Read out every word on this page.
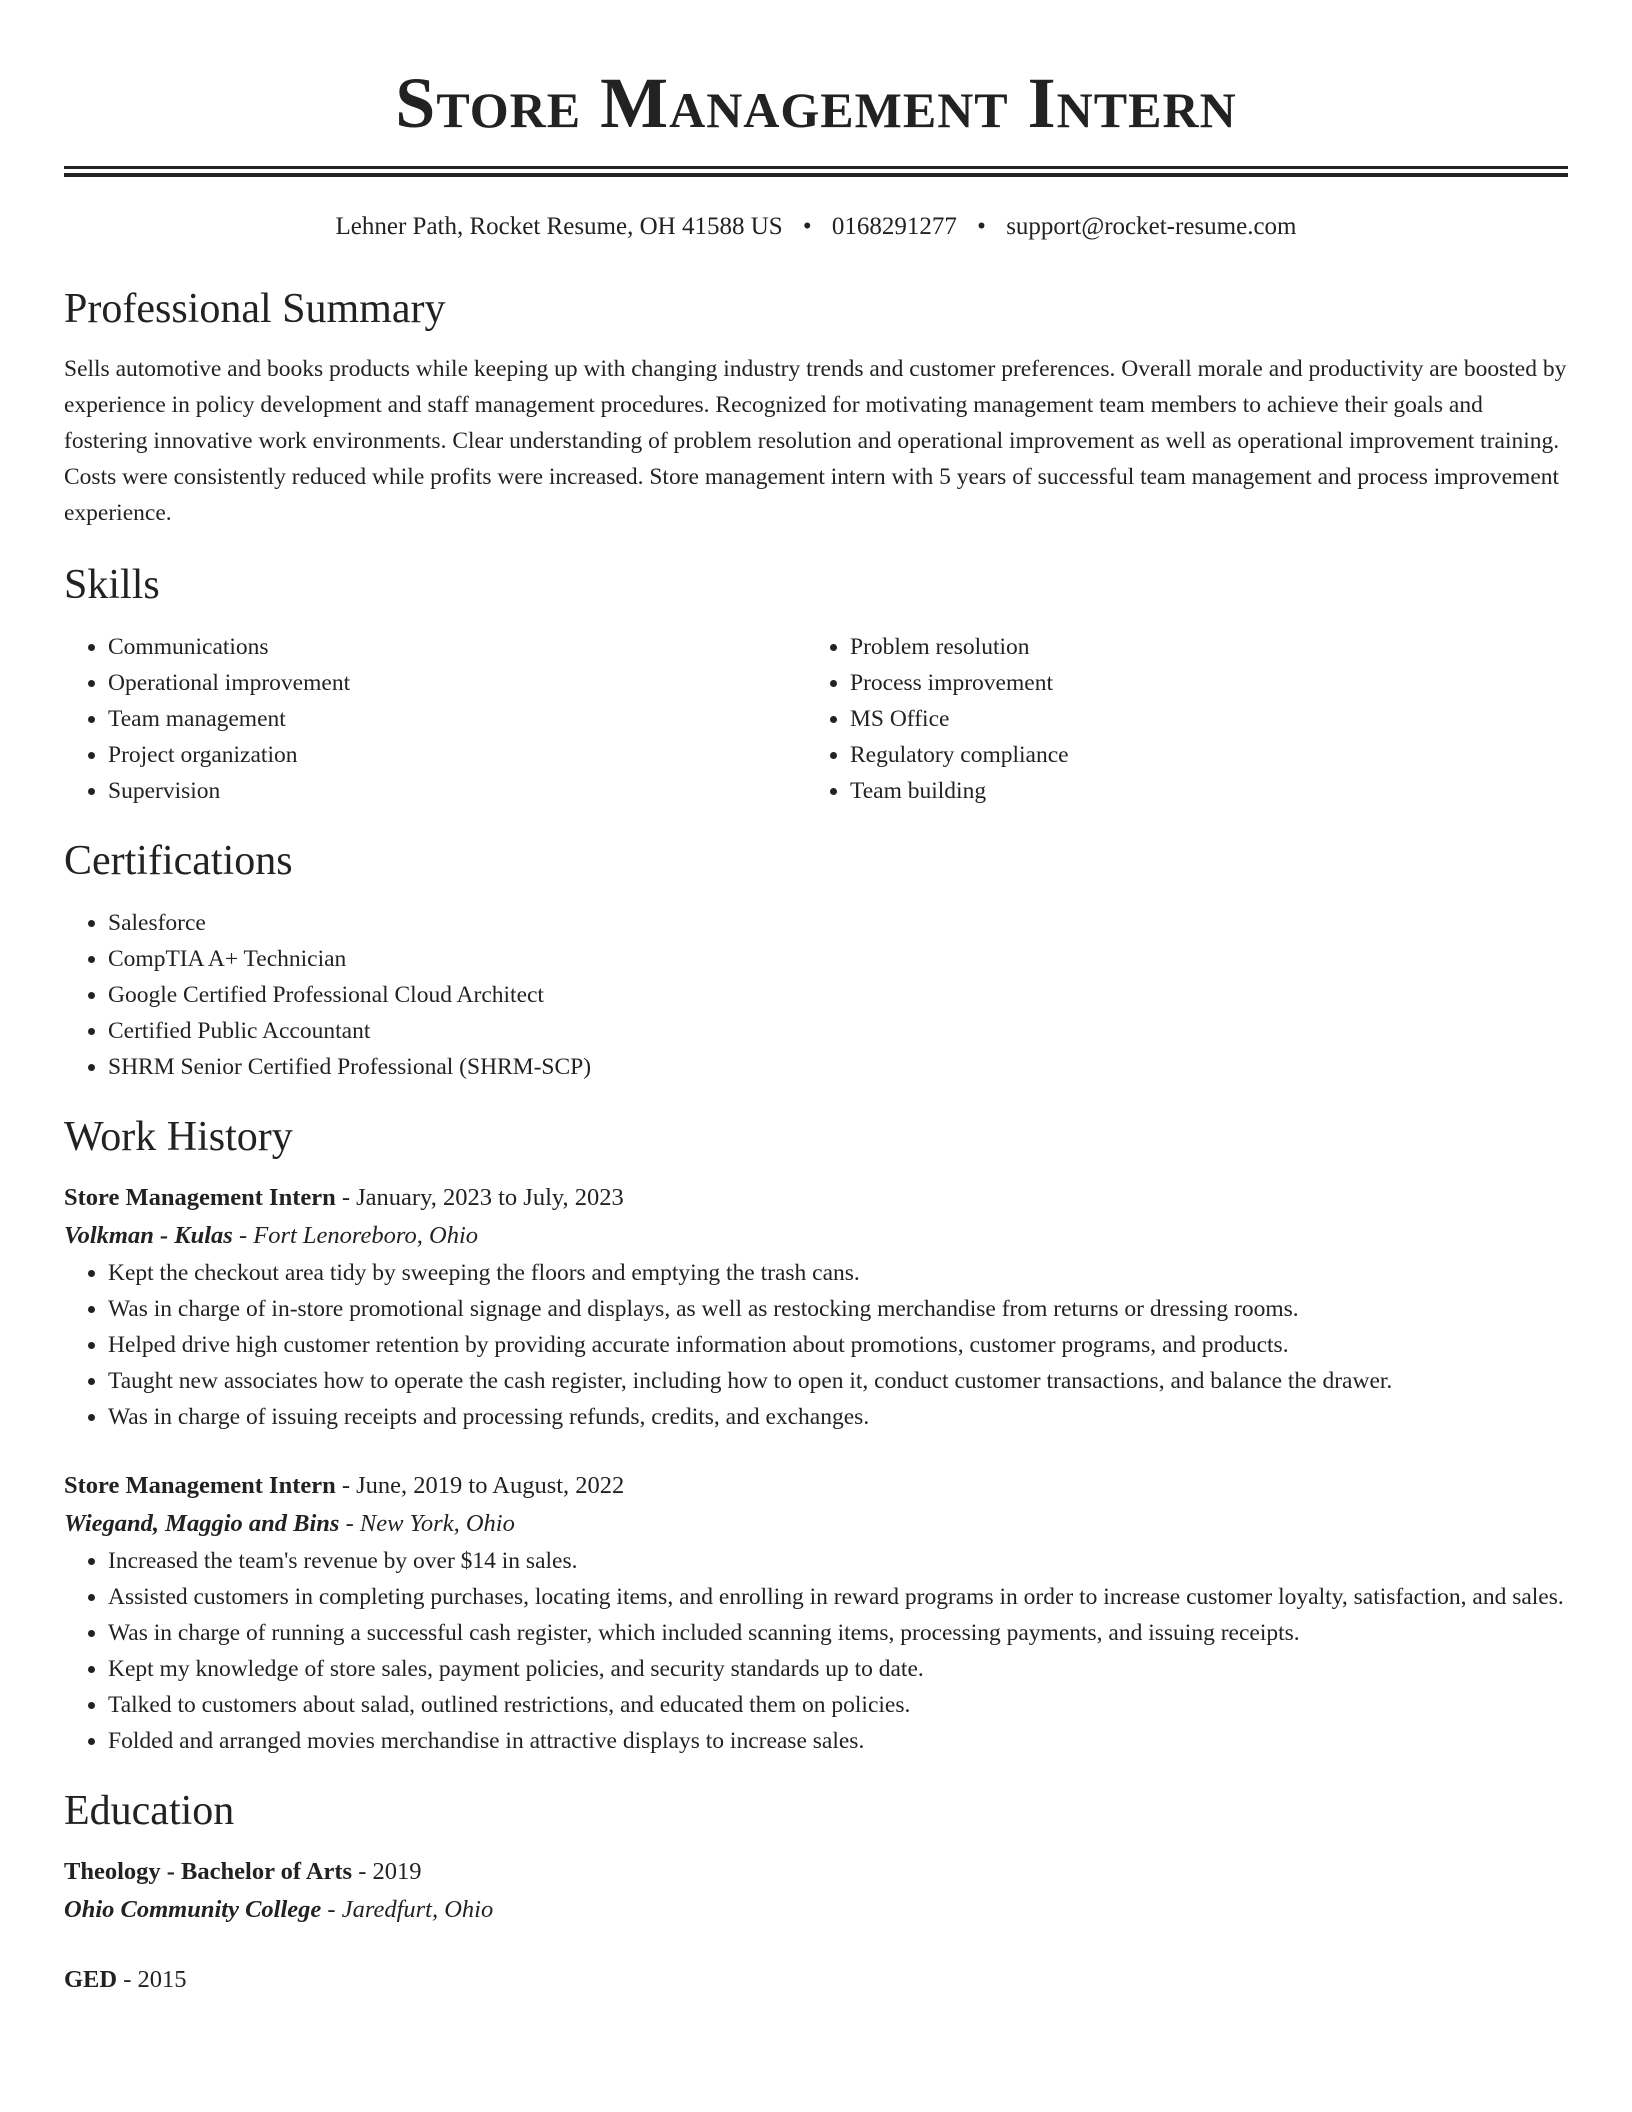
Store Management Intern
Lehner Path, Rocket Resume, OH 41588 US • 0168291277 • support@rocket-resume.com
Professional Summary

Sells automotive and books products while keeping up with changing industry trends and customer preferences. Overall morale and productivity are boosted by experience in policy development and staff management procedures. Recognized for motivating management team members to achieve their goals and fostering innovative work environments. Clear understanding of problem resolution and operational improvement as well as operational improvement training. Costs were consistently reduced while profits were increased. Store management intern with 5 years of successful team management and process improvement experience.

Skills
• Communications
• Operational improvement
• Team management
• Project organization
• Supervision
• Problem resolution
• Process improvement
• MS Office
• Regulatory compliance
• Team building
Certifications
• Salesforce
• CompTIA A+ Technician
• Google Certified Professional Cloud Architect
• Certified Public Accountant
• SHRM Senior Certified Professional (SHRM-SCP)
Work History
Store Management Intern - January, 2023 to July, 2023
Volkman - Kulas - Fort Lenoreboro, Ohio
• Kept the checkout area tidy by sweeping the floors and emptying the trash cans.
• Was in charge of in-store promotional signage and displays, as well as restocking merchandise from returns or dressing rooms.
• Helped drive high customer retention by providing accurate information about promotions, customer programs, and products.
• Taught new associates how to operate the cash register, including how to open it, conduct customer transactions, and balance the drawer.
• Was in charge of issuing receipts and processing refunds, credits, and exchanges.
Store Management Intern - June, 2019 to August, 2022
Wiegand, Maggio and Bins - New York, Ohio
• Increased the team's revenue by over $14 in sales.
• Assisted customers in completing purchases, locating items, and enrolling in reward programs in order to increase customer loyalty, satisfaction, and sales.
• Was in charge of running a successful cash register, which included scanning items, processing payments, and issuing receipts.
• Kept my knowledge of store sales, payment policies, and security standards up to date.
• Talked to customers about salad, outlined restrictions, and educated them on policies.
• Folded and arranged movies merchandise in attractive displays to increase sales.
Education
Theology - Bachelor of Arts - 2019
Ohio Community College - Jaredfurt, Ohio
GED - 2015
